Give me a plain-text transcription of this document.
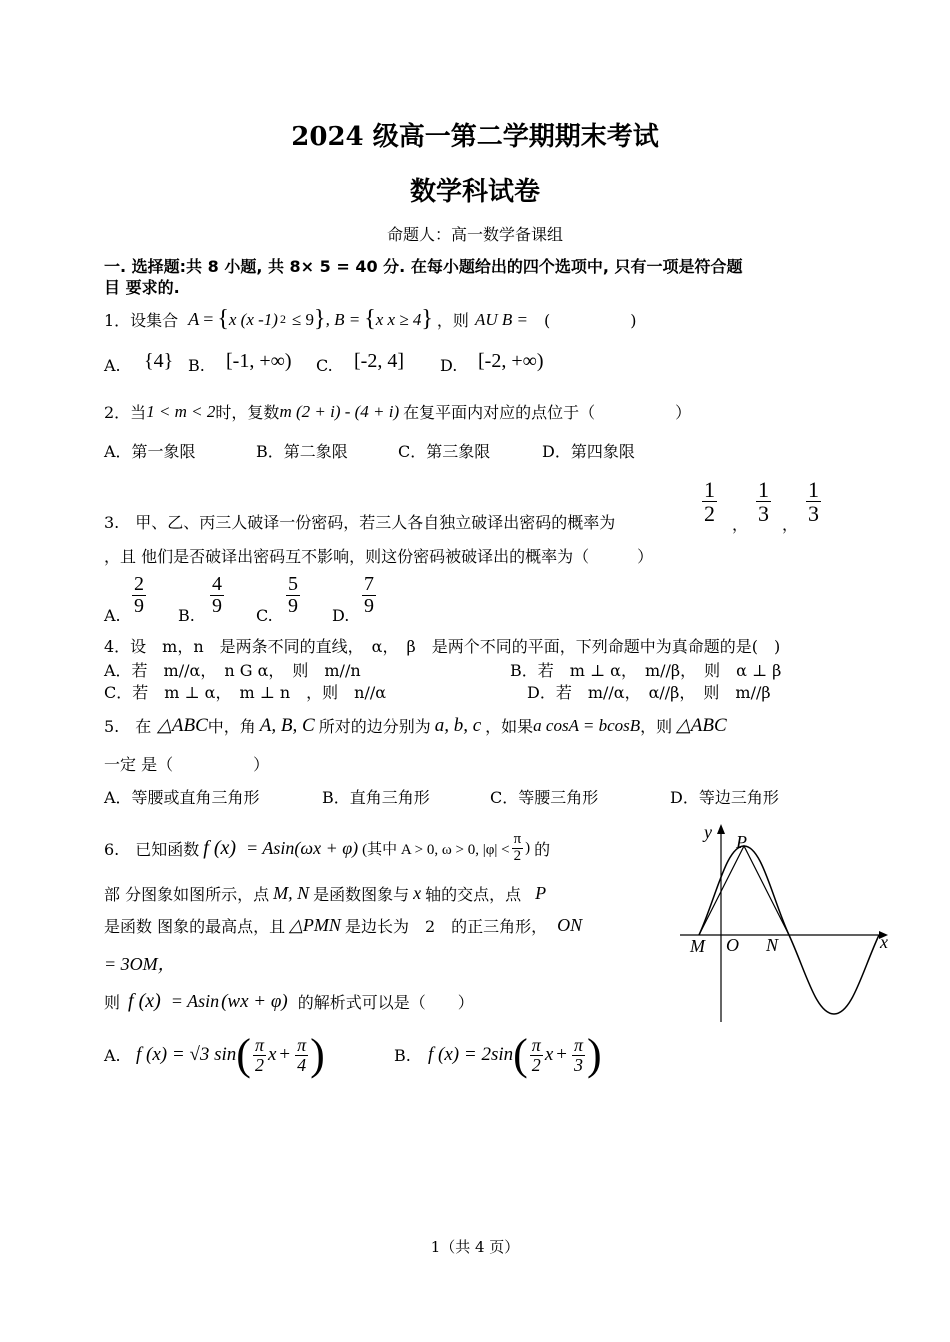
2024 级高一第二学期期末考试
数学科试卷
命题人：高一数学备课组
一. 选择题:共 8 小题, 共 8× 5 = 40 分. 在每小题给出的四个选项中, 只有一项是符合题
目 要求的.
1．设集合 A = { x (x -1) 2 ≤ 9 } , B = { x x ≥ 4 } ，则 AU B = (　　　　　)
A. {4} B. [-1, +∞) C. [-2, 4] D. [-2, +∞)
2．当 1 < m < 2 时，复数 m (2 + i) - (4 + i) 在复平面内对应的点位于（　　　　　）
A．第一象限	B．第二象限	C．第三象限	D．第四象限
3.　甲、乙、丙三人破译一份密码，若三人各自独立破译出密码的概率为	$\frac{1}{2}$ ， $\frac{1}{3}$ ， $\frac{1}{3}$
，且 他们是否破译出密码互不影响，则这份密码被破译出的概率为（　　　）
A. $\frac{2}{9} B$. $\frac{4}{9} C$. $\frac{5}{9} D$. $\frac{7}{9}$
4．设　m，n　是两条不同的直线，　α，　β　是两个不同的平面，下列命题中为真命题的是(　)
A．若　m//α，　n G α，　则　m//n	B．若　m ⊥ α，　m//β，　则　α ⊥ β
C．若　m ⊥ α，　m ⊥ n　，则　n//α	D．若　m//α，　α//β，　则　m//β
5.　在 △ABC 中，角 A, B, C 所对的边分别为 a, b, c ，如果 a cosA = bcosB ，则 △ABC
一定 是（　　　　　）
A．等腰或直角三角形	B．直角三角形	C．等腰三角形	D．等边三角形
6.　已知函数 f (x) = Asin (ωx + φ) (其中 A > 0, ω > 0, $|\varphi| < \frac{\pi}{2}$ ) 的
部 分图象如图所示，点 M, N 是函数图象与 x 轴的交点，点 P
是函数 图象的最高点，且 △PMN 是边长为　2　的正三角形， ON
= 3OM，
则 f (x) = Asin (wx + φ) 的解析式可以是（　　）
A. f (x) = √3 sin ( $\frac{\pi}{2}$ $x + \frac{\pi}{4}$ )	B. f (x) = 2sin ( $\frac{\pi}{2}$ $x + \frac{\pi}{3}$ )
y
x
P
O
M	N
1（共 4 页）
